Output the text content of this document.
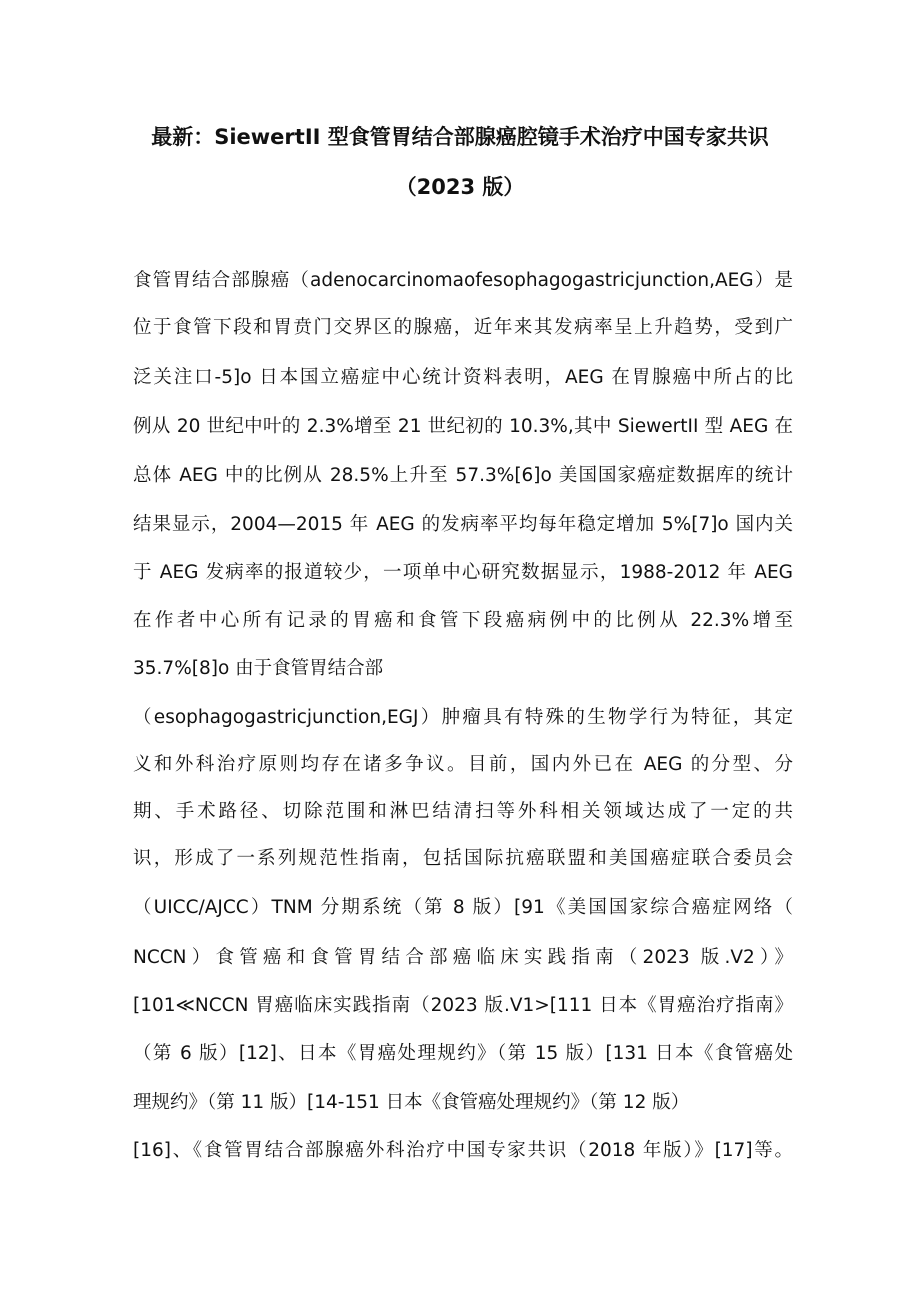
最新：SiewertII 型食管胃结合部腺癌腔镜手术治疗中国专家共识
（2023 版）
食管胃结合部腺癌（adenocarcinomaofesophagogastricjunction,AEG）是
位于食管下段和胃贲门交界区的腺癌，近年来其发病率呈上升趋势，受到广
泛关注口-5]o 日本国立癌症中心统计资料表明，AEG 在胃腺癌中所占的比
例从 20 世纪中叶的 2.3%增至 21 世纪初的 10.3%,其中 SiewertII 型 AEG 在
总体 AEG 中的比例从 28.5%上升至 57.3%[6]o 美国国家癌症数据库的统计
结果显示，2004—2015 年 AEG 的发病率平均每年稳定增加 5%[7]o 国内关
于 AEG 发病率的报道较少，一项单中心研究数据显示，1988-2012 年 AEG
在作者中心所有记录的胃癌和食管下段癌病例中的比例从 22.3%增至
35.7%[8]o 由于食管胃结合部
（esophagogastricjunction,EGJ）肿瘤具有特殊的生物学行为特征，其定
义和外科治疗原则均存在诸多争议。目前，国内外已在 AEG 的分型、分
期、手术路径、切除范围和淋巴结清扫等外科相关领域达成了一定的共
识，形成了一系列规范性指南，包括国际抗癌联盟和美国癌症联合委员会
（UICC/AJCC）TNM 分期系统（第 8 版）[91《美国国家综合癌症网络（
NCCN）食管癌和食管胃结合部癌临床实践指南（2023 版.V2）》
[101≪NCCN 胃癌临床实践指南（2023 版.V1>[111 日本《胃癌治疗指南》
（第 6 版）[12]、日本《胃癌处理规约》（第 15 版）[131 日本《食管癌处
理规约》（第 11 版）[14-151 日本《食管癌处理规约》（第 12 版）
[16]、《食管胃结合部腺癌外科治疗中国专家共识（2018 年版）》[17]等。
